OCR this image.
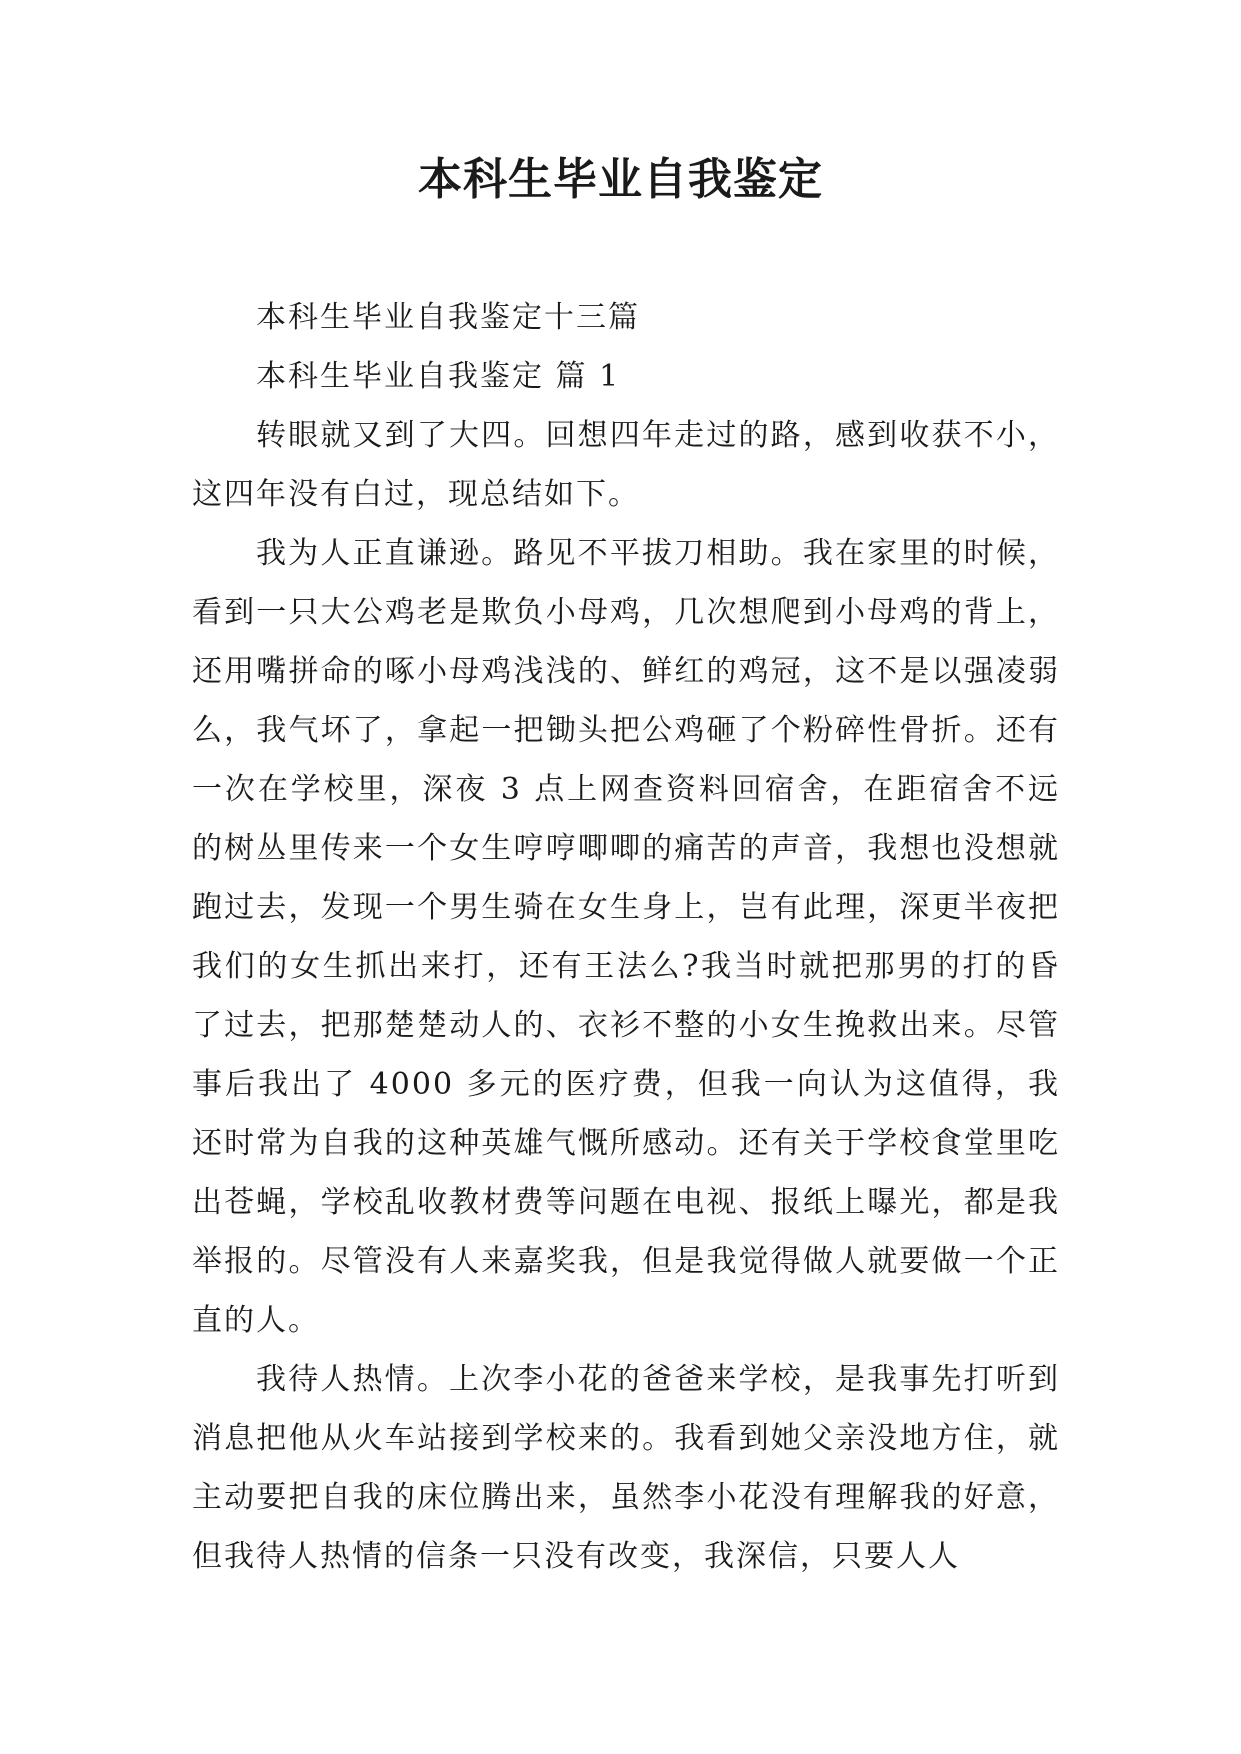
本科生毕业自我鉴定

本科生毕业自我鉴定十三篇

本科生毕业自我鉴定 篇 1

转眼就又到了大四。回想四年走过的路，感到收获不小，这四年没有白过，现总结如下。

我为人正直谦逊。路见不平拔刀相助。我在家里的时候，看到一只大公鸡老是欺负小母鸡，几次想爬到小母鸡的背上，还用嘴拼命的啄小母鸡浅浅的、鲜红的鸡冠，这不是以强凌弱么，我气坏了，拿起一把锄头把公鸡砸了个粉碎性骨折。还有一次在学校里，深夜 3 点上网查资料回宿舍，在距宿舍不远的树丛里传来一个女生哼哼唧唧的痛苦的声音，我想也没想就跑过去，发现一个男生骑在女生身上，岂有此理，深更半夜把我们的女生抓出来打，还有王法么?我当时就把那男的打的昏了过去，把那楚楚动人的、衣衫不整的小女生挽救出来。尽管事后我出了 4000 多元的医疗费，但我一向认为这值得，我还时常为自我的这种英雄气慨所感动。还有关于学校食堂里吃出苍蝇，学校乱收教材费等问题在电视、报纸上曝光，都是我举报的。尽管没有人来嘉奖我，但是我觉得做人就要做一个正直的人。

我待人热情。上次李小花的爸爸来学校，是我事先打听到消息把他从火车站接到学校来的。我看到她父亲没地方住，就主动要把自我的床位腾出来，虽然李小花没有理解我的好意，但我待人热情的信条一只没有改变，我深信，只要人人
